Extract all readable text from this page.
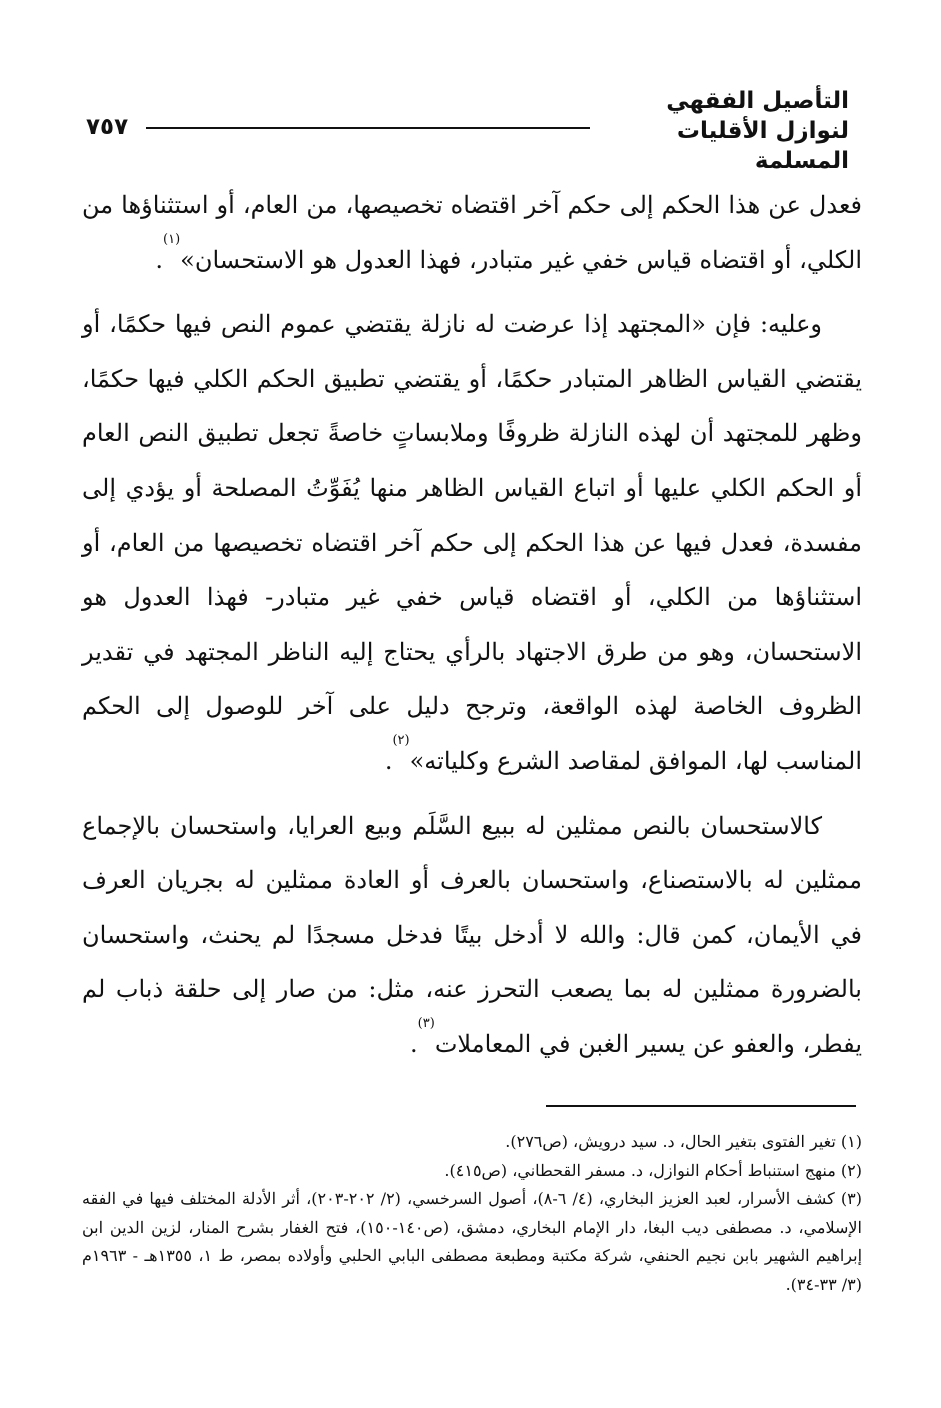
التأصيل الفقهي
لنوازل الأقليات المسلمة
٧٥٧

فعدل عن هذا الحكم إلى حكم آخر اقتضاه تخصيصها، من العام، أو استثناؤها من الكلي، أو اقتضاه قياس خفي غير متبادر، فهذا العدول هو الاستحسان»$^{(١)}$.

وعليه: فإن «المجتهد إذا عرضت له نازلة يقتضي عموم النص فيها حكمًا، أو يقتضي القياس الظاهر المتبادر حكمًا، أو يقتضي تطبيق الحكم الكلي فيها حكمًا، وظهر للمجتهد أن لهذه النازلة ظروفًا وملابساتٍ خاصةً تجعل تطبيق النص العام أو الحكم الكلي عليها أو اتباع القياس الظاهر منها يُفَوِّتُ المصلحة أو يؤدي إلى مفسدة، فعدل فيها عن هذا الحكم إلى حكم آخر اقتضاه تخصيصها من العام، أو استثناؤها من الكلي، أو اقتضاه قياس خفي غير متبادر- فهذا العدول هو الاستحسان، وهو من طرق الاجتهاد بالرأي يحتاج إليه الناظر المجتهد في تقدير الظروف الخاصة لهذه الواقعة، وترجح دليل على آخر للوصول إلى الحكم المناسب لها، الموافق لمقاصد الشرع وكلياته»$^{(٢)}$.

كالاستحسان بالنص ممثلين له ببيع السَّلَم وبيع العرايا، واستحسان بالإجماع ممثلين له بالاستصناع، واستحسان بالعرف أو العادة ممثلين له بجريان العرف في الأيمان، كمن قال: والله لا أدخل بيتًا فدخل مسجدًا لم يحنث، واستحسان بالضرورة ممثلين له بما يصعب التحرز عنه، مثل: من صار إلى حلقة ذباب لم يفطر، والعفو عن يسير الغبن في المعاملات$^{(٣)}$.

(١) تغير الفتوى بتغير الحال، د. سيد درويش، (ص٢٧٦).

(٢) منهج استنباط أحكام النوازل، د. مسفر القحطاني، (ص٤١٥).

(٣) كشف الأسرار، لعبد العزيز البخاري، (٤/ ٦-٨)، أصول السرخسي، (٢/ ٢٠٢-٢٠٣)، أثر الأدلة المختلف فيها في الفقه الإسلامي، د. مصطفى ديب البغا، دار الإمام البخاري، دمشق، (ص١٤٠-١٥٠)، فتح الغفار بشرح المنار، لزين الدين ابن إبراهيم الشهير بابن نجيم الحنفي، شركة مكتبة ومطبعة مصطفى البابي الحلبي وأولاده بمصر، ط ١، ١٣٥٥هـ - ١٩٦٣م (٣/ ٣٣-٣٤).
